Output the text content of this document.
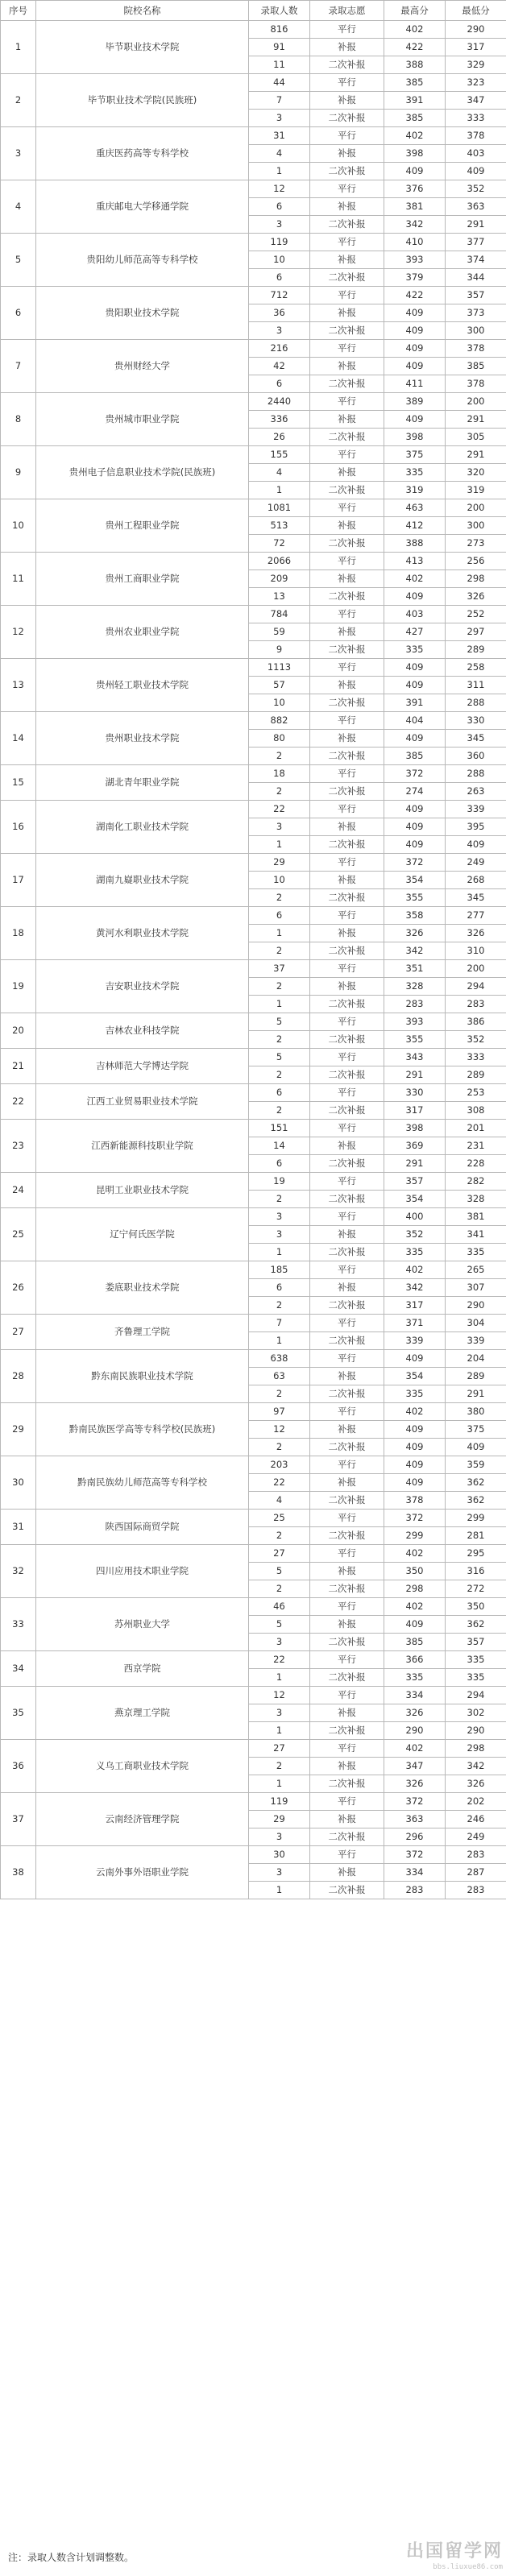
序号	院校名称	录取人数	录取志愿	最高分	最低分
1	毕节职业技术学院	816	平行	402	290
		91	补报	422	317
		11	二次补报	388	329
2	毕节职业技术学院(民族班)	44	平行	385	323
		7	补报	391	347
		3	二次补报	385	333
3	重庆医药高等专科学校	31	平行	402	378
		4	补报	398	403
		1	二次补报	409	409
4	重庆邮电大学移通学院	12	平行	376	352
		6	补报	381	363
		3	二次补报	342	291
5	贵阳幼儿师范高等专科学校	119	平行	410	377
		10	补报	393	374
		6	二次补报	379	344
6	贵阳职业技术学院	712	平行	422	357
		36	补报	409	373
		3	二次补报	409	300
7	贵州财经大学	216	平行	409	378
		42	补报	409	385
		6	二次补报	411	378
8	贵州城市职业学院	2440	平行	389	200
		336	补报	409	291
		26	二次补报	398	305
9	贵州电子信息职业技术学院(民族班)	155	平行	375	291
		4	补报	335	320
		1	二次补报	319	319
10	贵州工程职业学院	1081	平行	463	200
		513	补报	412	300
		72	二次补报	388	273
11	贵州工商职业学院	2066	平行	413	256
		209	补报	402	298
		13	二次补报	409	326
12	贵州农业职业学院	784	平行	403	252
		59	补报	427	297
		9	二次补报	335	289
13	贵州轻工职业技术学院	1113	平行	409	258
		57	补报	409	311
		10	二次补报	391	288
14	贵州职业技术学院	882	平行	404	330
		80	补报	409	345
		2	二次补报	385	360
15	湖北青年职业学院	18	平行	372	288
		2	二次补报	274	263
16	湖南化工职业技术学院	22	平行	409	339
		3	补报	409	395
		1	二次补报	409	409
17	湖南九嶷职业技术学院	29	平行	372	249
		10	补报	354	268
		2	二次补报	355	345
18	黄河水利职业技术学院	6	平行	358	277
		1	补报	326	326
		2	二次补报	342	310
19	吉安职业技术学院	37	平行	351	200
		2	补报	328	294
		1	二次补报	283	283
20	吉林农业科技学院	5	平行	393	386
		2	二次补报	355	352
21	吉林师范大学博达学院	5	平行	343	333
		2	二次补报	291	289
22	江西工业贸易职业技术学院	6	平行	330	253
		2	二次补报	317	308
23	江西新能源科技职业学院	151	平行	398	201
		14	补报	369	231
		6	二次补报	291	228
24	昆明工业职业技术学院	19	平行	357	282
		2	二次补报	354	328
25	辽宁何氏医学院	3	平行	400	381
		3	补报	352	341
		1	二次补报	335	335
26	娄底职业技术学院	185	平行	402	265
		6	补报	342	307
		2	二次补报	317	290
27	齐鲁理工学院	7	平行	371	304
		1	二次补报	339	339
28	黔东南民族职业技术学院	638	平行	409	204
		63	补报	354	289
		2	二次补报	335	291
29	黔南民族医学高等专科学校(民族班)	97	平行	402	380
		12	补报	409	375
		2	二次补报	409	409
30	黔南民族幼儿师范高等专科学校	203	平行	409	359
		22	补报	409	362
		4	二次补报	378	362
31	陕西国际商贸学院	25	平行	372	299
		2	二次补报	299	281
32	四川应用技术职业学院	27	平行	402	295
		5	补报	350	316
		2	二次补报	298	272
33	苏州职业大学	46	平行	402	350
		5	补报	409	362
		3	二次补报	385	357
34	西京学院	22	平行	366	335
		1	二次补报	335	335
35	燕京理工学院	12	平行	334	294
		3	补报	326	302
		1	二次补报	290	290
36	义乌工商职业技术学院	27	平行	402	298
		2	补报	347	342
		1	二次补报	326	326
37	云南经济管理学院	119	平行	372	202
		29	补报	363	246
		3	二次补报	296	249
38	云南外事外语职业学院	30	平行	372	283
		3	补报	334	287
		1	二次补报	283	283
注：录取人数含计划调整数。	出国留学网
bbs.liuxue86.com
